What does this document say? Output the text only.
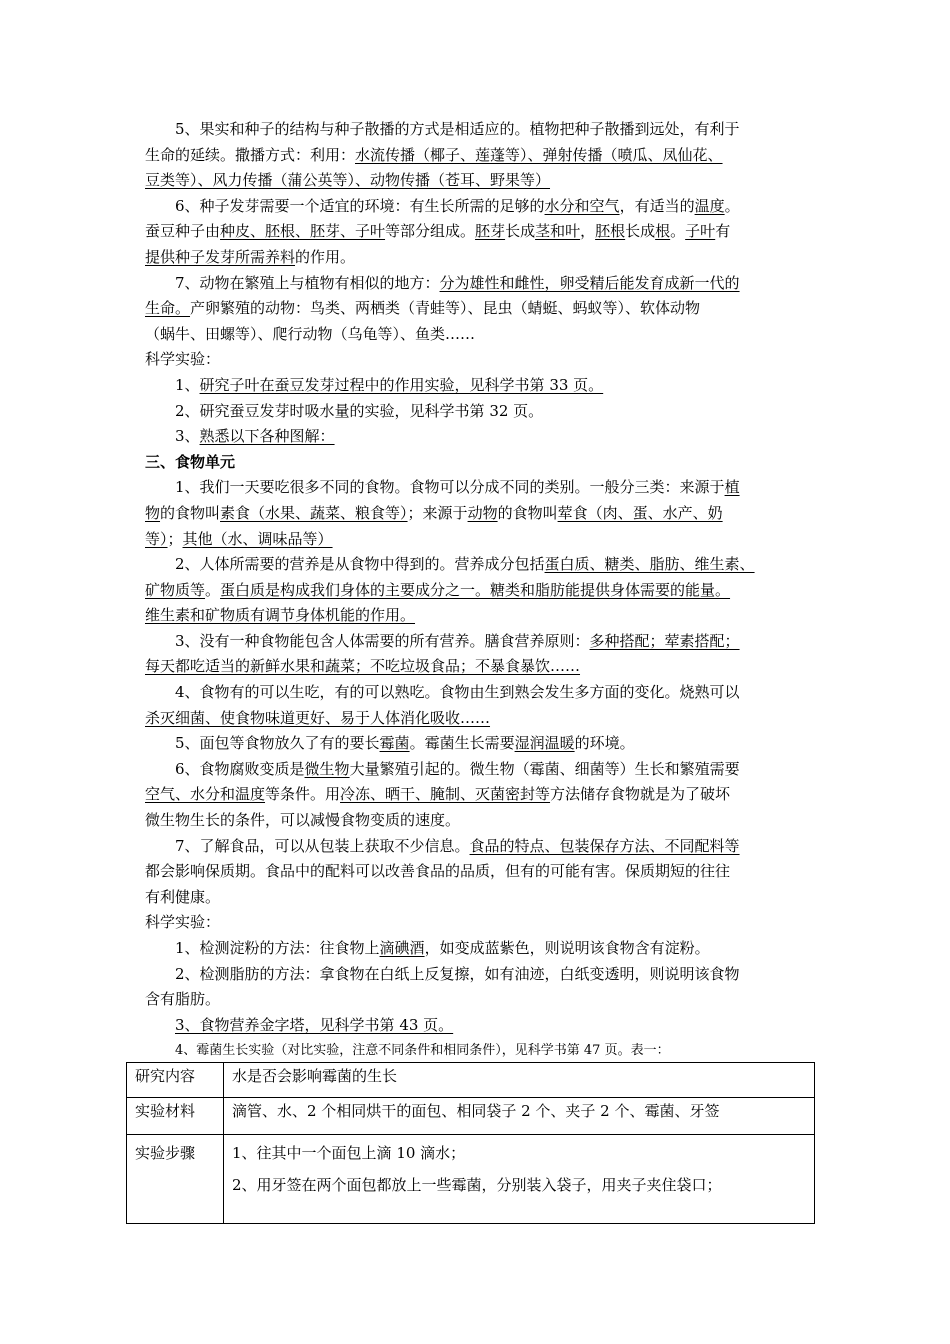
5、果实和种子的结构与种子散播的方式是相适应的。植物把种子散播到远处，有利于
生命的延续。撒播方式：利用：水流传播（椰子、莲蓬等）、弹射传播（喷瓜、凤仙花、
豆类等）、风力传播（蒲公英等）、动物传播（苍耳、野果等）
6、种子发芽需要一个适宜的环境：有生长所需的足够的水分和空气，有适当的温度。
蚕豆种子由种皮、胚根、胚芽、子叶等部分组成。胚芽长成茎和叶，胚根长成根。子叶有
提供种子发芽所需养料的作用。
7、动物在繁殖上与植物有相似的地方：分为雄性和雌性，卵受精后能发育成新一代的
生命。产卵繁殖的动物：鸟类、两栖类（青蛙等）、昆虫（蜻蜓、蚂蚁等）、软体动物
（蜗牛、田螺等）、爬行动物（乌龟等）、鱼类……
科学实验：
1、研究子叶在蚕豆发芽过程中的作用实验，见科学书第 33 页。
2、研究蚕豆发芽时吸水量的实验，见科学书第 32 页。
3、熟悉以下各种图解：
三、食物单元
1、我们一天要吃很多不同的食物。食物可以分成不同的类别。一般分三类：来源于植
物的食物叫素食（水果、蔬菜、粮食等）；来源于动物的食物叫荤食（肉、蛋、水产、奶
等）；其他（水、调味品等）
2、人体所需要的营养是从食物中得到的。营养成分包括蛋白质、糖类、脂肪、维生素、
矿物质等。蛋白质是构成我们身体的主要成分之一。糖类和脂肪能提供身体需要的能量。
维生素和矿物质有调节身体机能的作用。
3、没有一种食物能包含人体需要的所有营养。膳食营养原则：多种搭配；荤素搭配；
每天都吃适当的新鲜水果和蔬菜；不吃垃圾食品；不暴食暴饮……
4、食物有的可以生吃，有的可以熟吃。食物由生到熟会发生多方面的变化。烧熟可以
杀灭细菌、使食物味道更好、易于人体消化吸收……
5、面包等食物放久了有的要长霉菌。霉菌生长需要湿润温暖的环境。
6、食物腐败变质是微生物大量繁殖引起的。微生物（霉菌、细菌等）生长和繁殖需要
空气、水分和温度等条件。用冷冻、晒干、腌制、灭菌密封等方法储存食物就是为了破坏
微生物生长的条件，可以减慢食物变质的速度。
7、了解食品，可以从包装上获取不少信息。食品的特点、包装保存方法、不同配料等
都会影响保质期。食品中的配料可以改善食品的品质，但有的可能有害。保质期短的往往
有利健康。
科学实验：
1、检测淀粉的方法：往食物上滴碘酒，如变成蓝紫色，则说明该食物含有淀粉。
2、检测脂肪的方法：拿食物在白纸上反复擦，如有油迹，白纸变透明，则说明该食物
含有脂肪。
3、食物营养金字塔，见科学书第 43 页。
4、霉菌生长实验（对比实验，注意不同条件和相同条件），见科学书第 47 页。表一：
研究内容	水是否会影响霉菌的生长

实验材料	滴管、水、2 个相同烘干的面包、相同袋子 2 个、夹子 2 个、霉菌、牙签

实验步骤	1、往其中一个面包上滴 10 滴水；
2、用牙签在两个面包都放上一些霉菌，分别装入袋子，用夹子夹住袋口；
